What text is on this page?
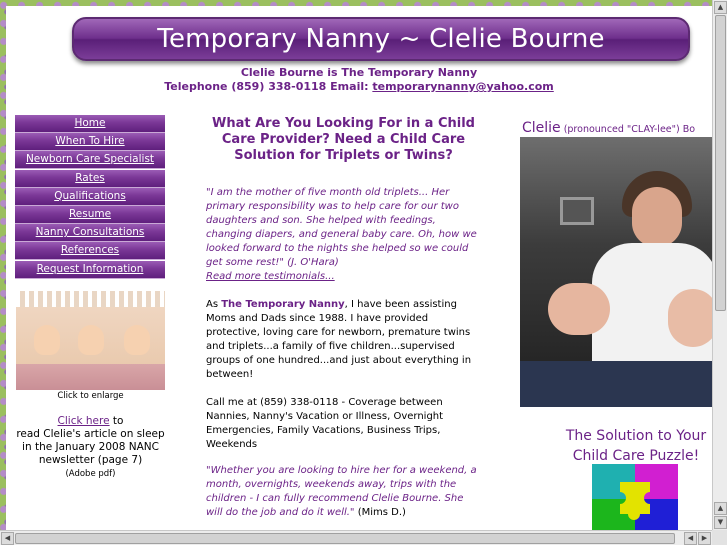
Temporary Nanny ~ Clelie Bourne
Clelie Bourne is The Temporary Nanny
Telephone (859) 338-0118 Email: temporarynanny@yahoo.com
Home
When To Hire
Newborn Care Specialist
Rates
Qualifications
Resume
Nanny Consultations
References
Request Information
Click to enlarge
Click here to
read Clelie's article on sleep in the January 2008 NANC newsletter (page 7)
(Adobe pdf)
What Are You Looking For in a Child Care Provider? Need a Child Care Solution for Triplets or Twins?

"I am the mother of five month old triplets... Her primary responsibility was to help care for our two daughters and son. She helped with feedings, changing diapers, and general baby care. Oh, how we looked forward to the nights she helped so we could get some rest!" (J. O'Hara)
Read more testimonials...

As The Temporary Nanny, I have been assisting Moms and Dads since 1988. I have provided protective, loving care for newborn, premature twins and triplets...a family of five children...supervised groups of one hundred...and just about everything in between!

Call me at (859) 338-0118 - Coverage between Nannies, Nanny's Vacation or Illness, Overnight Emergencies, Family Vacations, Business Trips, Weekends

"Whether you are looking to hire her for a weekend, a month, overnights, weekends away, trips with the children - I can fully recommend Clelie Bourne. She will do the job and do it well." (Mims D.)

Clelie (pronounced "CLAY-lee") Bo
The Solution to Your Child Care Puzzle!
▲
▲
▼
◀	◀	▶
